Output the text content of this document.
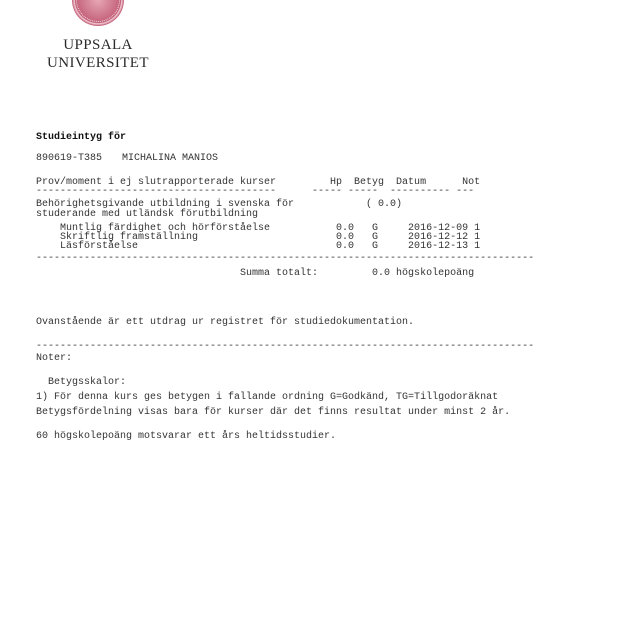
UPPSALA
UNIVERSITET
Studieintyg för
890619-T385 MICHALINA MANIOS
Prov/moment i ej slutrapporterade kurser         Hp  Betyg  Datum      Not
----------------------------------------      ----- -----  ---------- ---
Behörighetsgivande utbildning i svenska för	( 0.0)
studerande med utländsk förutbildning
Muntlig färdighet och hörförståelse           0.0   G     2016-12-09 1
Skriftlig framställning                       0.0   G     2016-12-12 1
Läsförståelse                                 0.0   G     2016-12-13 1
-----------------------------------------------------------------------------------
Summa totalt:         0.0 högskolepoäng
Ovanstående är ett utdrag ur registret för studiedokumentation.
-----------------------------------------------------------------------------------
Noter:
Betygsskalor:
1) För denna kurs ges betygen i fallande ordning G=Godkänd, TG=Tillgodoräknat
Betygsfördelning visas bara för kurser där det finns resultat under minst 2 år.
60 högskolepoäng motsvarar ett års heltidsstudier.
